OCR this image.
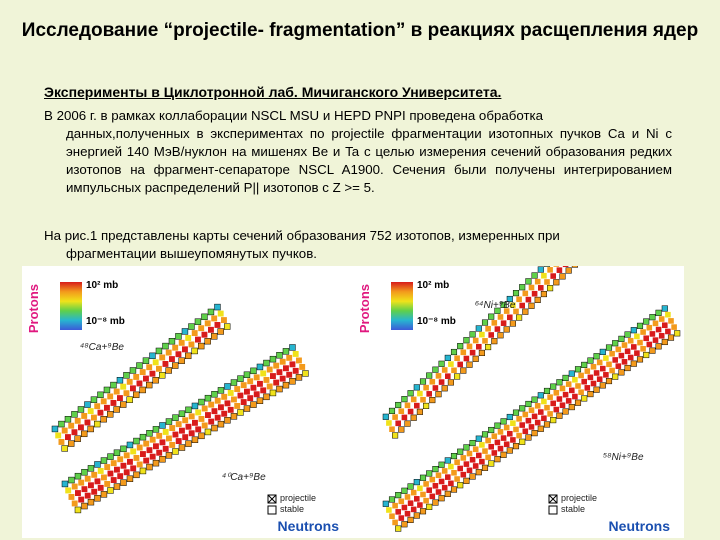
Исследование “projectile- fragmentation” в реакциях расщепления ядер
Эксперименты в Циклотронной лаб. Мичиганского Университета.
В 2006 г. в рамках коллаборации NSCL MSU и HEPD PNPI проведена обработка
данных,полученных в экспериментах по projectile фрагментации изотопных пучков Ca и Ni с энергией 140 МэВ/нуклон на мишенях Be и Ta с целью измерения сечений образования редких изотопов на фрагмент-сепараторе NSCL A1900. Сечения были получены интегрированием импульсных распределений P|| изотопов с Z >= 5.
На рис.1 представлены карты сечений образования 752 изотопов, измеренных при
фрагментации вышеупомянутых пучков.
Protons	10² mb
10⁻⁸ mb
⁴⁸Ca+⁹Be
⁴⁰Ca+⁹Be
projectile
stable
Neutrons
Protons	10² mb
10⁻⁸ mb
⁶⁴Ni+⁹Be
⁵⁸Ni+⁹Be
projectile
stable
Neutrons
